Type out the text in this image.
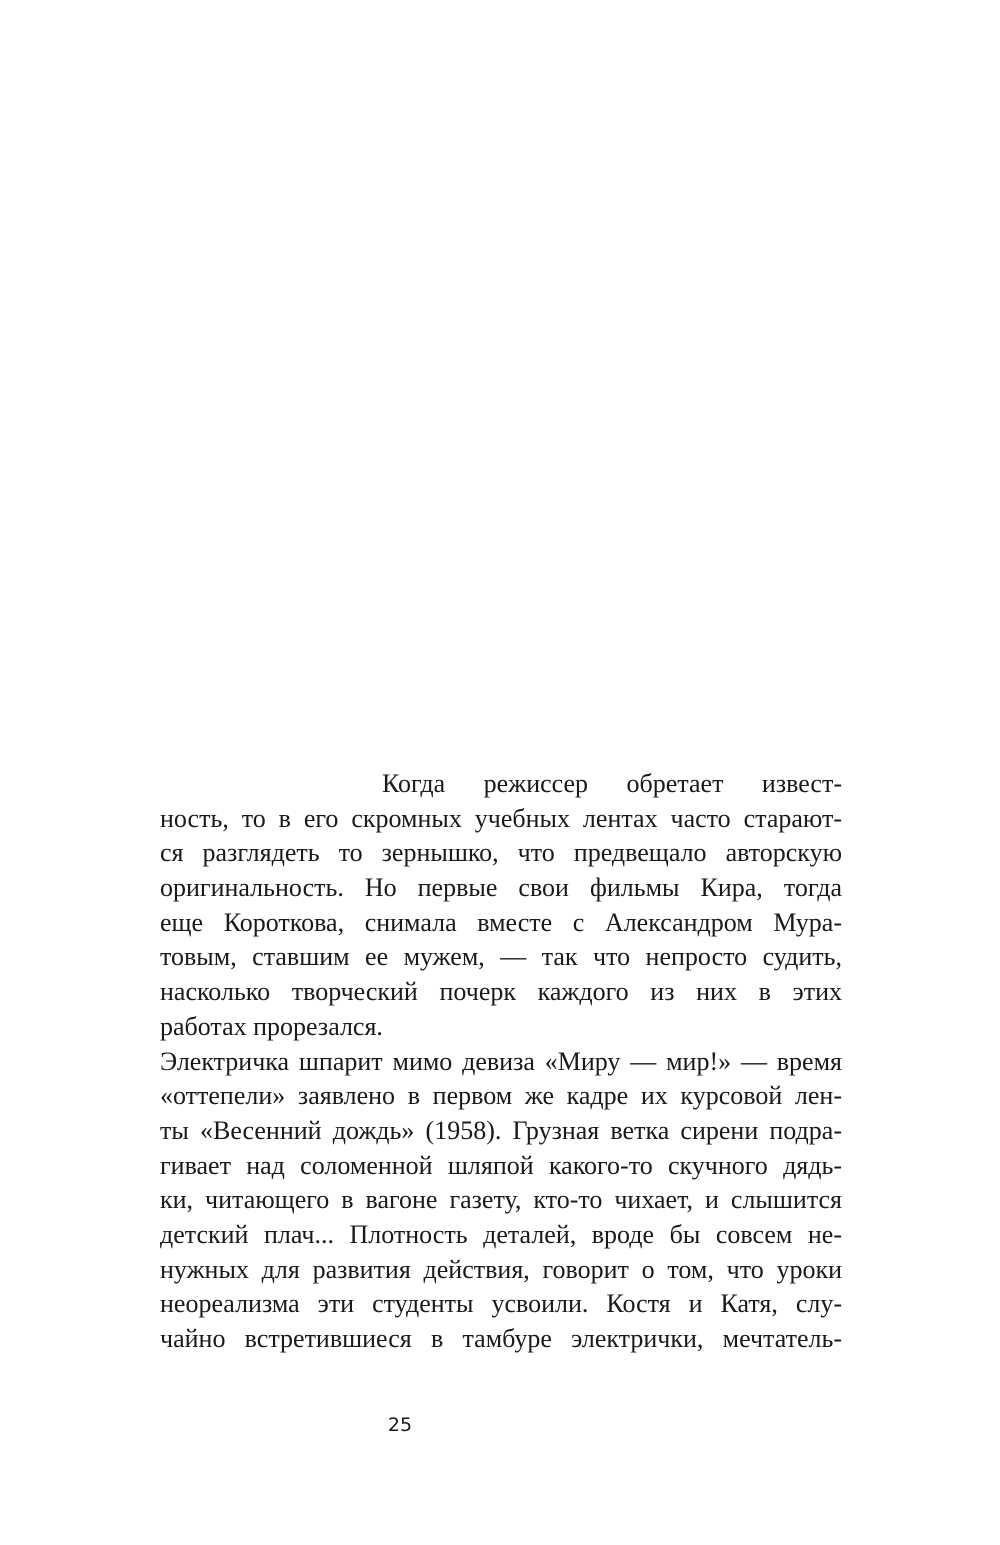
Когда режиссер обретает извест-
ность, то в его скромных учебных лентах часто старают-
ся разглядеть то зернышко, что предвещало авторскую
оригинальность. Но первые свои фильмы Кира, тогда
еще Короткова, снимала вместе с Александром Мура-
товым, ставшим ее мужем, — так что непросто судить,
насколько творческий почерк каждого из них в этих
работах прорезался.
Электричка шпарит мимо девиза «Миру — мир!» — время
«оттепели» заявлено в первом же кадре их курсовой лен-
ты «Весенний дождь» (1958). Грузная ветка сирени подра-
гивает над соломенной шляпой какого-то скучного дядь-
ки, читающего в вагоне газету, кто-то чихает, и слышится
детский плач... Плотность деталей, вроде бы совсем не-
нужных для развития действия, говорит о том, что уроки
неореализма эти студенты усвоили. Костя и Катя, слу-
чайно встретившиеся в тамбуре электрички, мечтатель-
25
